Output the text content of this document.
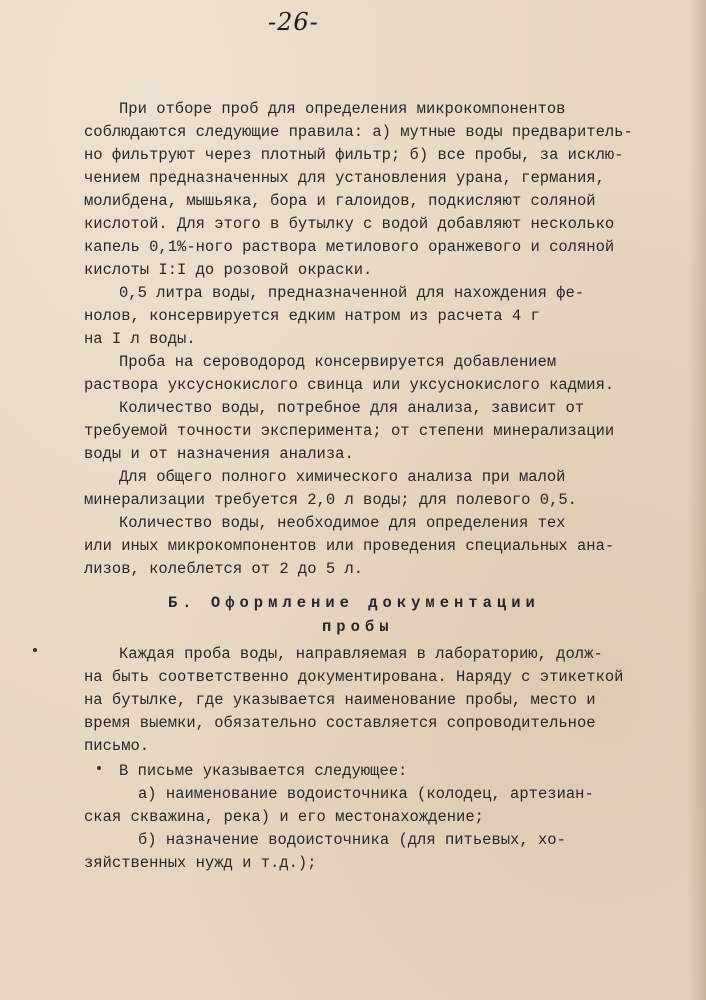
-26-
При отборе проб для определения микрокомпонентов
соблюдаются следующие правила: а) мутные воды предваритель-
но фильтруют через плотный фильтр; б) все пробы, за исклю-
чением предназначенных для установления урана, германия,
молибдена, мышьяка, бора и галоидов, подкисляют соляной
кислотой. Для этого в бутылку с водой добавляют несколько
капель 0,1%-ного раствора метилового оранжевого и соляной
кислоты I:I до розовой окраски.
0,5 литра воды, предназначенной для нахождения фе-
нолов, консервируется едким натром из расчета 4 г
на I л воды.
Проба на сероводород консервируется добавлением
раствора уксуснокислого свинца или уксуснокислого кадмия.
Количество воды, потребное для анализа, зависит от
требуемой точности эксперимента; от степени минерализации
воды и от назначения анализа.
Для общего полного химического анализа при малой
минерализации требуется 2,0 л воды; для полевого 0,5.
Количество воды, необходимое для определения тех
или иных микрокомпонентов или проведения специальных ана-
лизов, колеблется от 2 до 5 л.
Б. Оформление документации
пробы
Каждая проба воды, направляемая в лабораторию, долж-
на быть соответственно документирована. Наряду с этикеткой
на бутылке, где указывается наименование пробы, место и
время выемки, обязательно составляется сопроводительное
письмо.
В письме указывается следующее:
а) наименование водоисточника (колодец, артезиан-
ская скважина, река) и его местонахождение;
б) назначение водоисточника (для питьевых, хо-
зяйственных нужд и т.д.);
